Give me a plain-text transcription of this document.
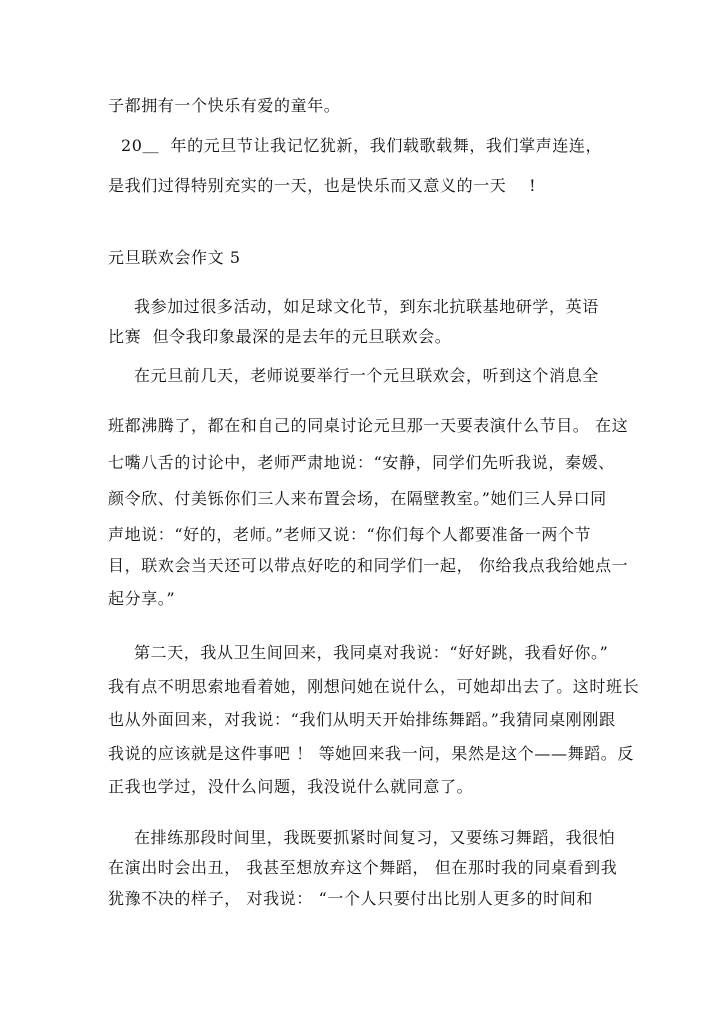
子都拥有一个快乐有爱的童年。
20＿  年的元旦节让我记忆犹新，我们载歌载舞，我们掌声连连，
是我们过得特别充实的一天，也是快乐而又意义的一天    !
元旦联欢会作文 5
我参加过很多活动，如足球文化节，到东北抗联基地研学，英语
比赛  但令我印象最深的是去年的元旦联欢会。
在元旦前几天，老师说要举行一个元旦联欢会，听到这个消息全
班都沸腾了，都在和自己的同桌讨论元旦那一天要表演什么节目。 在这
七嘴八舌的讨论中，老师严肃地说：“安静，同学们先听我说，秦媛、
颜令欣、付美铄你们三人来布置会场，在隔壁教室。”她们三人异口同
声地说：“好的，老师。”老师又说：“你们每个人都要准备一两个节
目，联欢会当天还可以带点好吃的和同学们一起， 你给我点我给她点一
起分享。”
第二天，我从卫生间回来，我同桌对我说：“好好跳，我看好你。”
我有点不明思索地看着她，刚想问她在说什么，可她却出去了。这时班长
也从外面回来，对我说：“我们从明天开始排练舞蹈。”我猜同桌刚刚跟
我说的应该就是这件事吧 ！ 等她回来我一问，果然是这个——舞蹈。反
正我也学过，没什么问题，我没说什么就同意了。
在排练那段时间里，我既要抓紧时间复习，又要练习舞蹈，我很怕
在演出时会出丑， 我甚至想放弃这个舞蹈， 但在那时我的同桌看到我
犹豫不决的样子， 对我说： “一个人只要付出比别人更多的时间和
